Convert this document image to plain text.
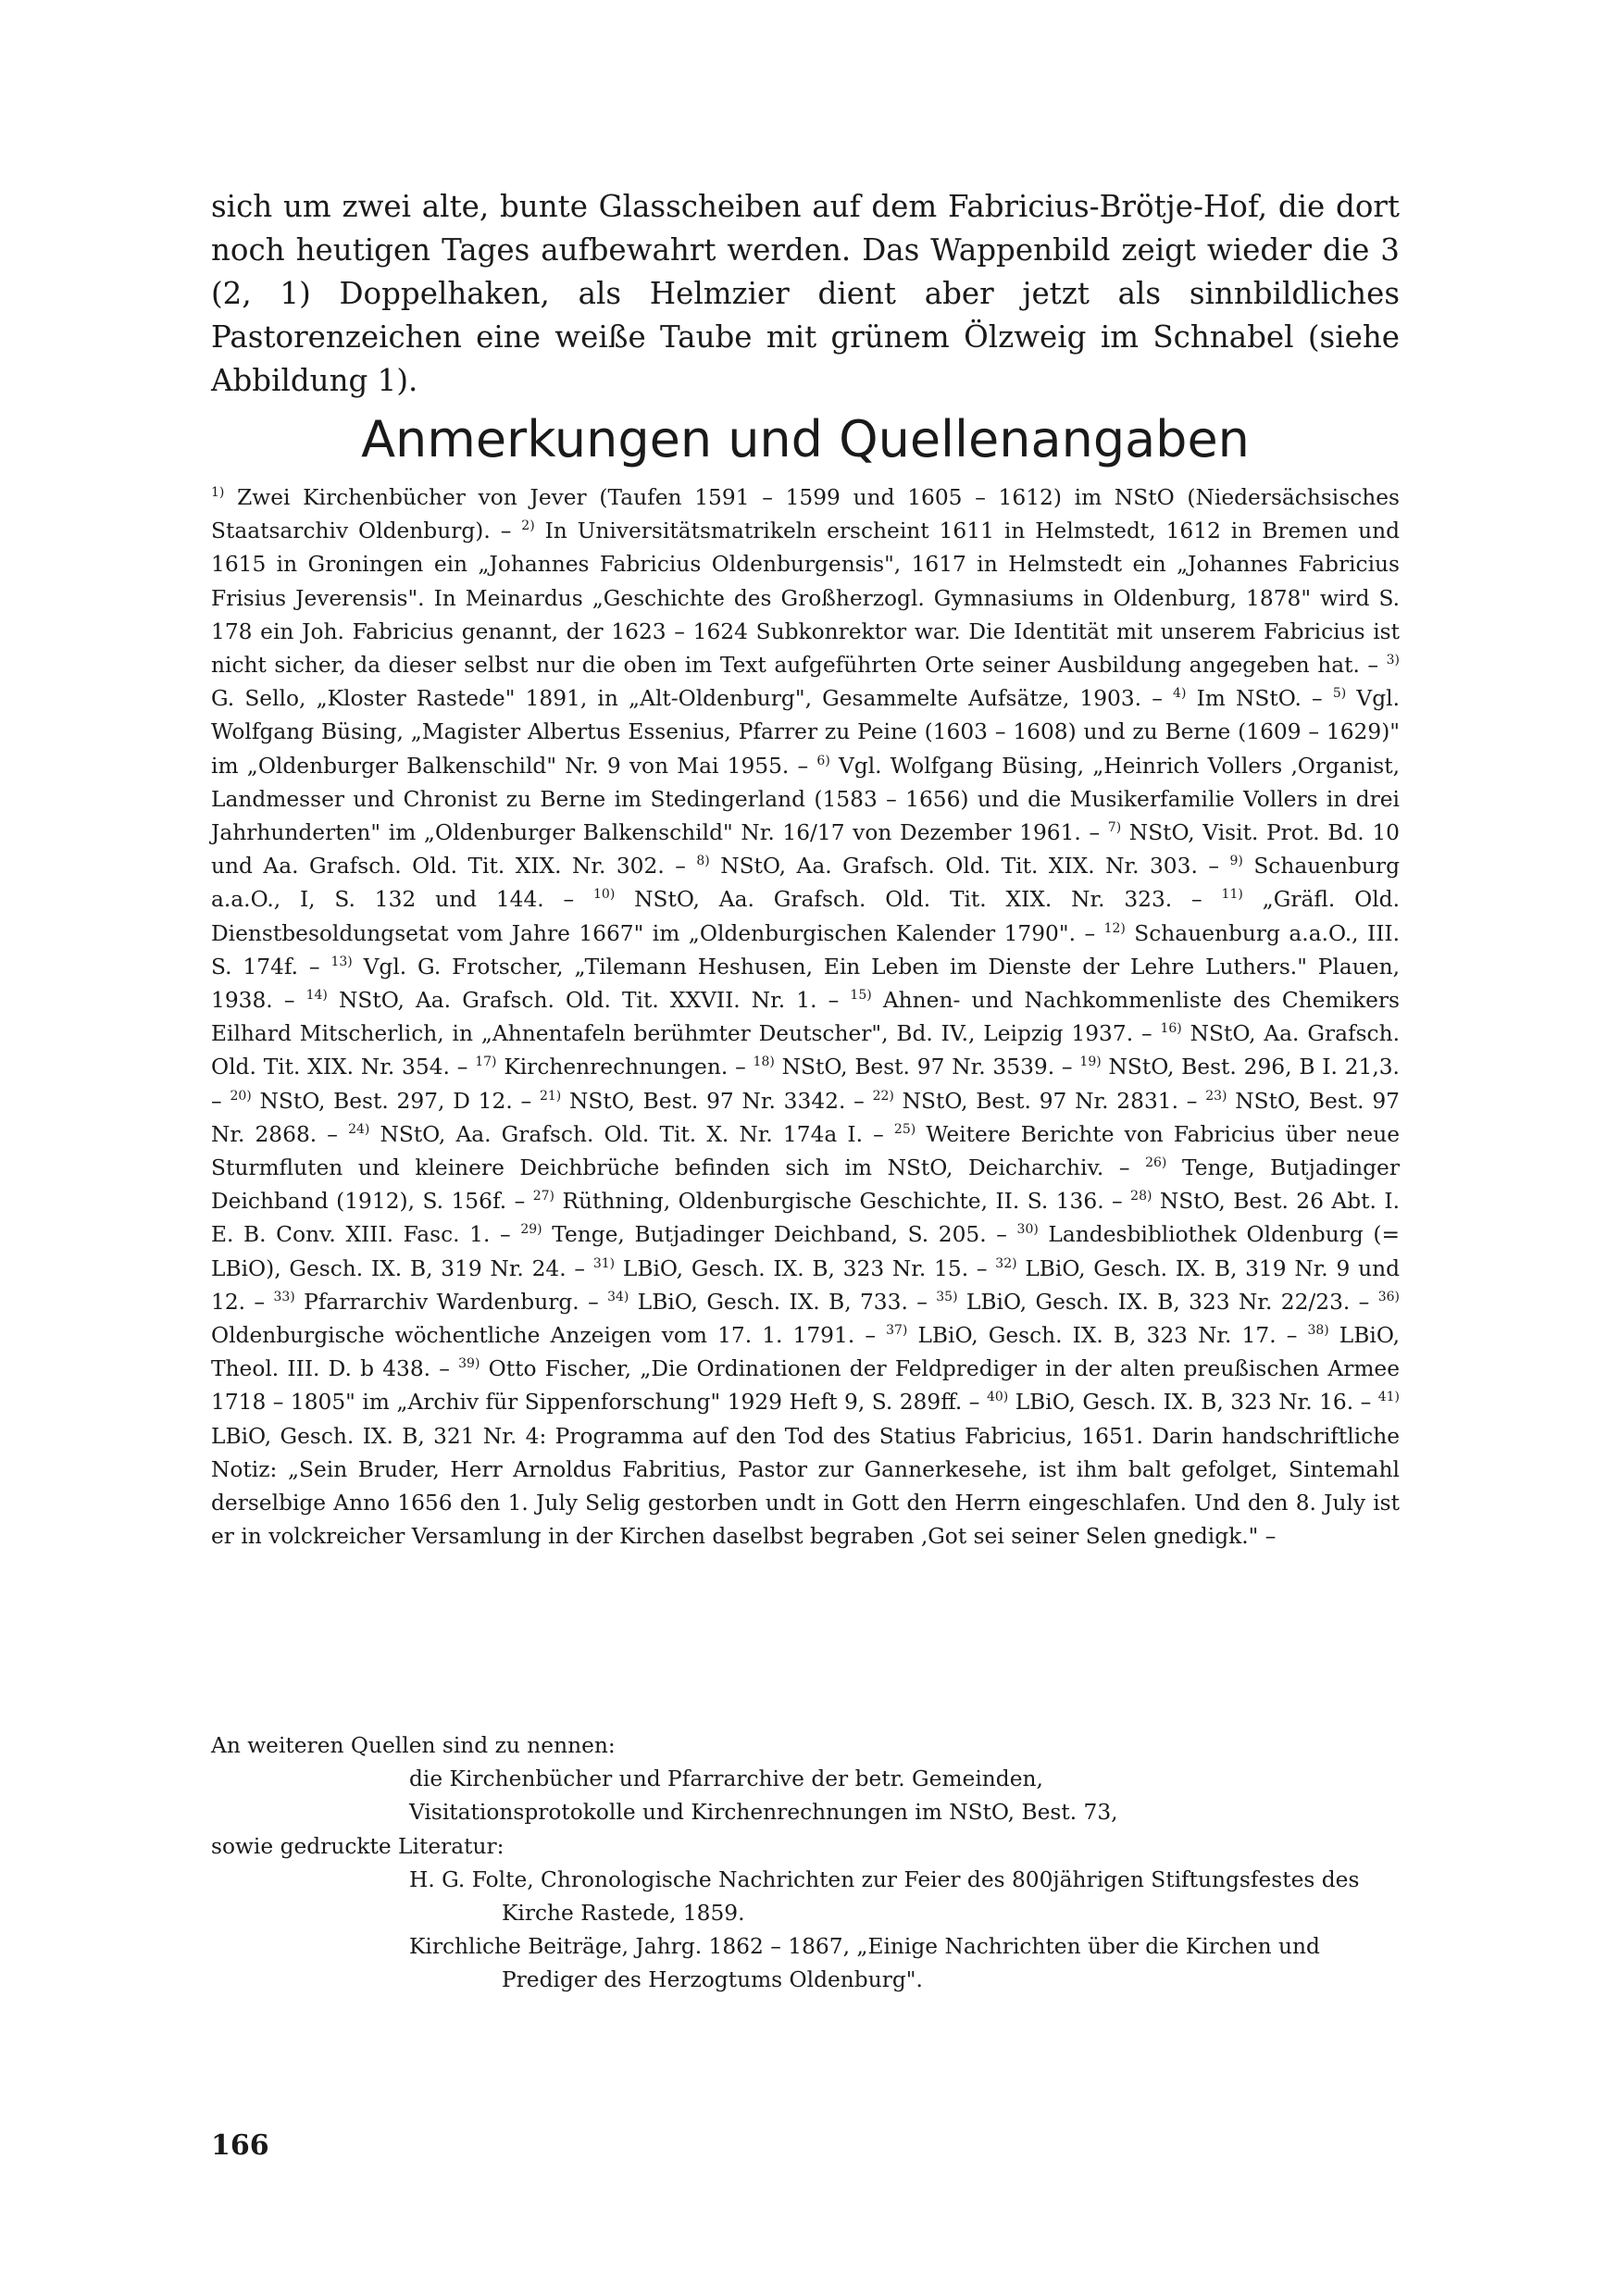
sich um zwei alte, bunte Glasscheiben auf dem Fabricius-Brötje-Hof, die dort noch heutigen Tages aufbewahrt werden. Das Wappenbild zeigt wieder die 3 (2, 1) Doppelhaken, als Helmzier dient aber jetzt als sinnbildliches Pastorenzeichen eine weiße Taube mit grünem Ölzweig im Schnabel (siehe Abbildung 1).

Anmerkungen und Quellenangaben

$^{1)}$ Zwei Kirchenbücher von Jever (Taufen 1591 – 1599 und 1605 – 1612) im NStO (Niedersächsisches Staatsarchiv Oldenburg). – $^{2)}$ In Universitätsmatrikeln erscheint 1611 in Helmstedt, 1612 in Bremen und 1615 in Groningen ein „Johannes Fabricius Oldenburgensis", 1617 in Helmstedt ein „Johannes Fabricius Frisius Jeverensis". In Meinardus „Geschichte des Großherzogl. Gymnasiums in Oldenburg, 1878" wird S. 178 ein Joh. Fabricius genannt, der 1623 – 1624 Subkonrektor war. Die Identität mit unserem Fabricius ist nicht sicher, da dieser selbst nur die oben im Text aufgeführten Orte seiner Ausbildung angegeben hat. – $^{3)}$ G. Sello, „Kloster Rastede" 1891, in „Alt-Oldenburg", Gesammelte Aufsätze, 1903. – $^{4)}$ Im NStO. – $^{5)}$ Vgl. Wolfgang Büsing, „Magister Albertus Essenius, Pfarrer zu Peine (1603 – 1608) und zu Berne (1609 – 1629)" im „Oldenburger Balkenschild" Nr. 9 von Mai 1955. – $^{6)}$ Vgl. Wolfgang Büsing, „Heinrich Vollers ‚Organist, Landmesser und Chronist zu Berne im Stedingerland (1583 – 1656) und die Musikerfamilie Vollers in drei Jahrhunderten" im „Oldenburger Balkenschild" Nr. 16/17 von Dezember 1961. – $^{7)}$ NStO, Visit. Prot. Bd. 10 und Aa. Grafsch. Old. Tit. XIX. Nr. 302. – $^{8)}$ NStO, Aa. Grafsch. Old. Tit. XIX. Nr. 303. – $^{9)}$ Schauenburg a.a.O., I, S. 132 und 144. – $^{10)}$ NStO, Aa. Grafsch. Old. Tit. XIX. Nr. 323. – $^{11)}$ „Gräfl. Old. Dienstbesoldungsetat vom Jahre 1667" im „Oldenburgischen Kalender 1790". – $^{12)}$ Schauenburg a.a.O., III. S. 174f. – $^{13)}$ Vgl. G. Frotscher, „Tilemann Heshusen, Ein Leben im Dienste der Lehre Luthers." Plauen, 1938. – $^{14)}$ NStO, Aa. Grafsch. Old. Tit. XXVII. Nr. 1. – $^{15)}$ Ahnen- und Nachkommenliste des Chemikers Eilhard Mitscherlich, in „Ahnentafeln berühmter Deutscher", Bd. IV., Leipzig 1937. – $^{16)}$ NStO, Aa. Grafsch. Old. Tit. XIX. Nr. 354. – $^{17)}$ Kirchenrechnungen. – $^{18)}$ NStO, Best. 97 Nr. 3539. – $^{19)}$ NStO, Best. 296, B I. 21,3. – $^{20)}$ NStO, Best. 297, D 12. – $^{21)}$ NStO, Best. 97 Nr. 3342. – $^{22)}$ NStO, Best. 97 Nr. 2831. – $^{23)}$ NStO, Best. 97 Nr. 2868. – $^{24)}$ NStO, Aa. Grafsch. Old. Tit. X. Nr. 174a I. – $^{25)}$ Weitere Berichte von Fabricius über neue Sturmfluten und kleinere Deichbrüche befinden sich im NStO, Deicharchiv. – $^{26)}$ Tenge, Butjadinger Deichband (1912), S. 156f. – $^{27)}$ Rüthning, Oldenburgische Geschichte, II. S. 136. – $^{28)}$ NStO, Best. 26 Abt. I. E. B. Conv. XIII. Fasc. 1. – $^{29)}$ Tenge, Butjadinger Deichband, S. 205. – $^{30)}$ Landesbibliothek Oldenburg (= LBiO), Gesch. IX. B, 319 Nr. 24. – $^{31)}$ LBiO, Gesch. IX. B, 323 Nr. 15. – $^{32)}$ LBiO, Gesch. IX. B, 319 Nr. 9 und 12. – $^{33)}$ Pfarrarchiv Wardenburg. – $^{34)}$ LBiO, Gesch. IX. B, 733. – $^{35)}$ LBiO, Gesch. IX. B, 323 Nr. 22/23. – $^{36)}$ Oldenburgische wöchentliche Anzeigen vom 17. 1. 1791. – $^{37)}$ LBiO, Gesch. IX. B, 323 Nr. 17. – $^{38)}$ LBiO, Theol. III. D. b 438. – $^{39)}$ Otto Fischer, „Die Ordinationen der Feldprediger in der alten preußischen Armee 1718 – 1805" im „Archiv für Sippenforschung" 1929 Heft 9, S. 289ff. – $^{40)}$ LBiO, Gesch. IX. B, 323 Nr. 16. – $^{41)}$ LBiO, Gesch. IX. B, 321 Nr. 4: Programma auf den Tod des Statius Fabricius, 1651. Darin handschriftliche Notiz: „Sein Bruder, Herr Arnoldus Fabritius, Pastor zur Gannerkesehe, ist ihm balt gefolget, Sintemahl derselbige Anno 1656 den 1. July Selig gestorben undt in Gott den Herrn eingeschlafen. Und den 8. July ist er in volckreicher Versamlung in der Kirchen daselbst begraben ‚Got sei seiner Selen gnedigk." –

An weiteren Quellen sind zu nennen:
die Kirchenbücher und Pfarrarchive der betr. Gemeinden,
Visitationsprotokolle und Kirchenrechnungen im NStO, Best. 73,
sowie gedruckte Literatur:
H. G. Folte, Chronologische Nachrichten zur Feier des 800jährigen Stiftungsfestes des Kirche Rastede, 1859.
Kirchliche Beiträge, Jahrg. 1862 – 1867, „Einige Nachrichten über die Kirchen und Prediger des Herzogtums Oldenburg".

166
